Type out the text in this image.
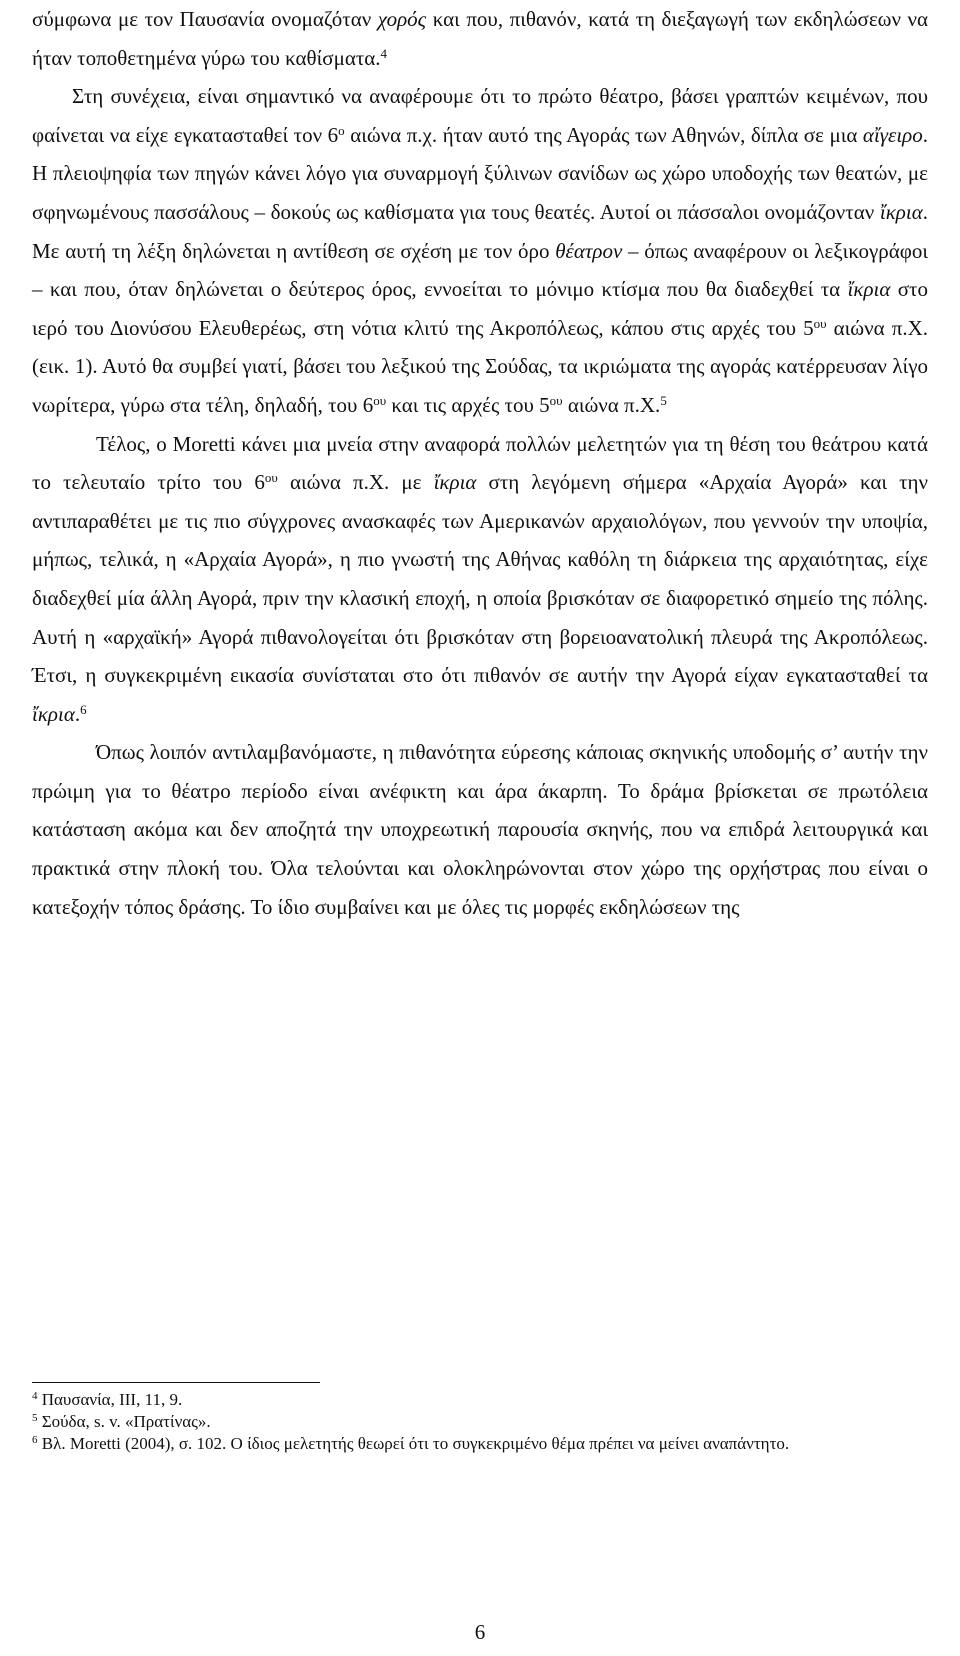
σύμφωνα με τον Παυσανία ονομαζόταν χορός και που, πιθανόν, κατά τη διεξαγωγή των εκδηλώσεων να ήταν τοποθετημένα γύρω του καθίσματα.$^4$

Στη συνέχεια, είναι σημαντικό να αναφέρουμε ότι το πρώτο θέατρο, βάσει γραπτών κειμένων, που φαίνεται να είχε εγκατασταθεί τον $6^o$ αιώνα π.χ. ήταν αυτό της Αγοράς των Αθηνών, δίπλα σε μια αἴγειρο. Η πλειοψηφία των πηγών κάνει λόγο για συναρμογή ξύλινων σανίδων ως χώρο υποδοχής των θεατών, με σφηνωμένους πασσάλους – δοκούς ως καθίσματα για τους θεατές. Αυτοί οι πάσσαλοι ονομάζονταν ἴκρια. Με αυτή τη λέξη δηλώνεται η αντίθεση σε σχέση με τον όρο θέατρον – όπως αναφέρουν οι λεξικογράφοι – και που, όταν δηλώνεται ο δεύτερος όρος, εννοείται το μόνιμο κτίσμα που θα διαδεχθεί τα ἴκρια στο ιερό του Διονύσου Ελευθερέως, στη νότια κλιτύ της Ακροπόλεως, κάπου στις αρχές του $5^{o\upsilon}$ αιώνα π.Χ. (εικ. 1). Αυτό θα συμβεί γιατί, βάσει του λεξικού της Σούδας, τα ικριώματα της αγοράς κατέρρευσαν λίγο νωρίτερα, γύρω στα τέλη, δηλαδή, του $6^{o\upsilon}$ και τις αρχές του $5^{o\upsilon}$ αιώνα π.Χ.$^5$

Τέλος, ο Moretti κάνει μια μνεία στην αναφορά πολλών μελετητών για τη θέση του θεάτρου κατά το τελευταίο τρίτο του $6^{o\upsilon}$ αιώνα π.Χ. με ἴκρια στη λεγόμενη σήμερα «Αρχαία Αγορά» και την αντιπαραθέτει με τις πιο σύγχρονες ανασκαφές των Αμερικανών αρχαιολόγων, που γεννούν την υποψία, μήπως, τελικά, η «Αρχαία Αγορά», η πιο γνωστή της Αθήνας καθόλη τη διάρκεια της αρχαιότητας, είχε διαδεχθεί μία άλλη Αγορά, πριν την κλασική εποχή, η οποία βρισκόταν σε διαφορετικό σημείο της πόλης. Αυτή η «αρχαϊκή» Αγορά πιθανολογείται ότι βρισκόταν στη βορειοανατολική πλευρά της Ακροπόλεως. Έτσι, η συγκεκριμένη εικασία συνίσταται στο ότι πιθανόν σε αυτήν την Αγορά είχαν εγκατασταθεί τα ἴκρια.$^6$

Όπως λοιπόν αντιλαμβανόμαστε, η πιθανότητα εύρεσης κάποιας σκηνικής υποδομής σ’ αυτήν την πρώιμη για το θέατρο περίοδο είναι ανέφικτη και άρα άκαρπη. Το δράμα βρίσκεται σε πρωτόλεια κατάσταση ακόμα και δεν αποζητά την υποχρεωτική παρουσία σκηνής, που να επιδρά λειτουργικά και πρακτικά στην πλοκή του. Όλα τελούνται και ολοκληρώνονται στον χώρο της ορχήστρας που είναι ο κατεξοχήν τόπος δράσης. Το ίδιο συμβαίνει και με όλες τις μορφές εκδηλώσεων της

$^4$ Παυσανία, ΙΙΙ, 11, 9.

$^5$ Σούδα, s. v. «Πρατίνας».

$^6$ Βλ. Moretti (2004), σ. 102. Ο ίδιος μελετητής θεωρεί ότι το συγκεκριμένο θέμα πρέπει να μείνει αναπάντητο.

6
